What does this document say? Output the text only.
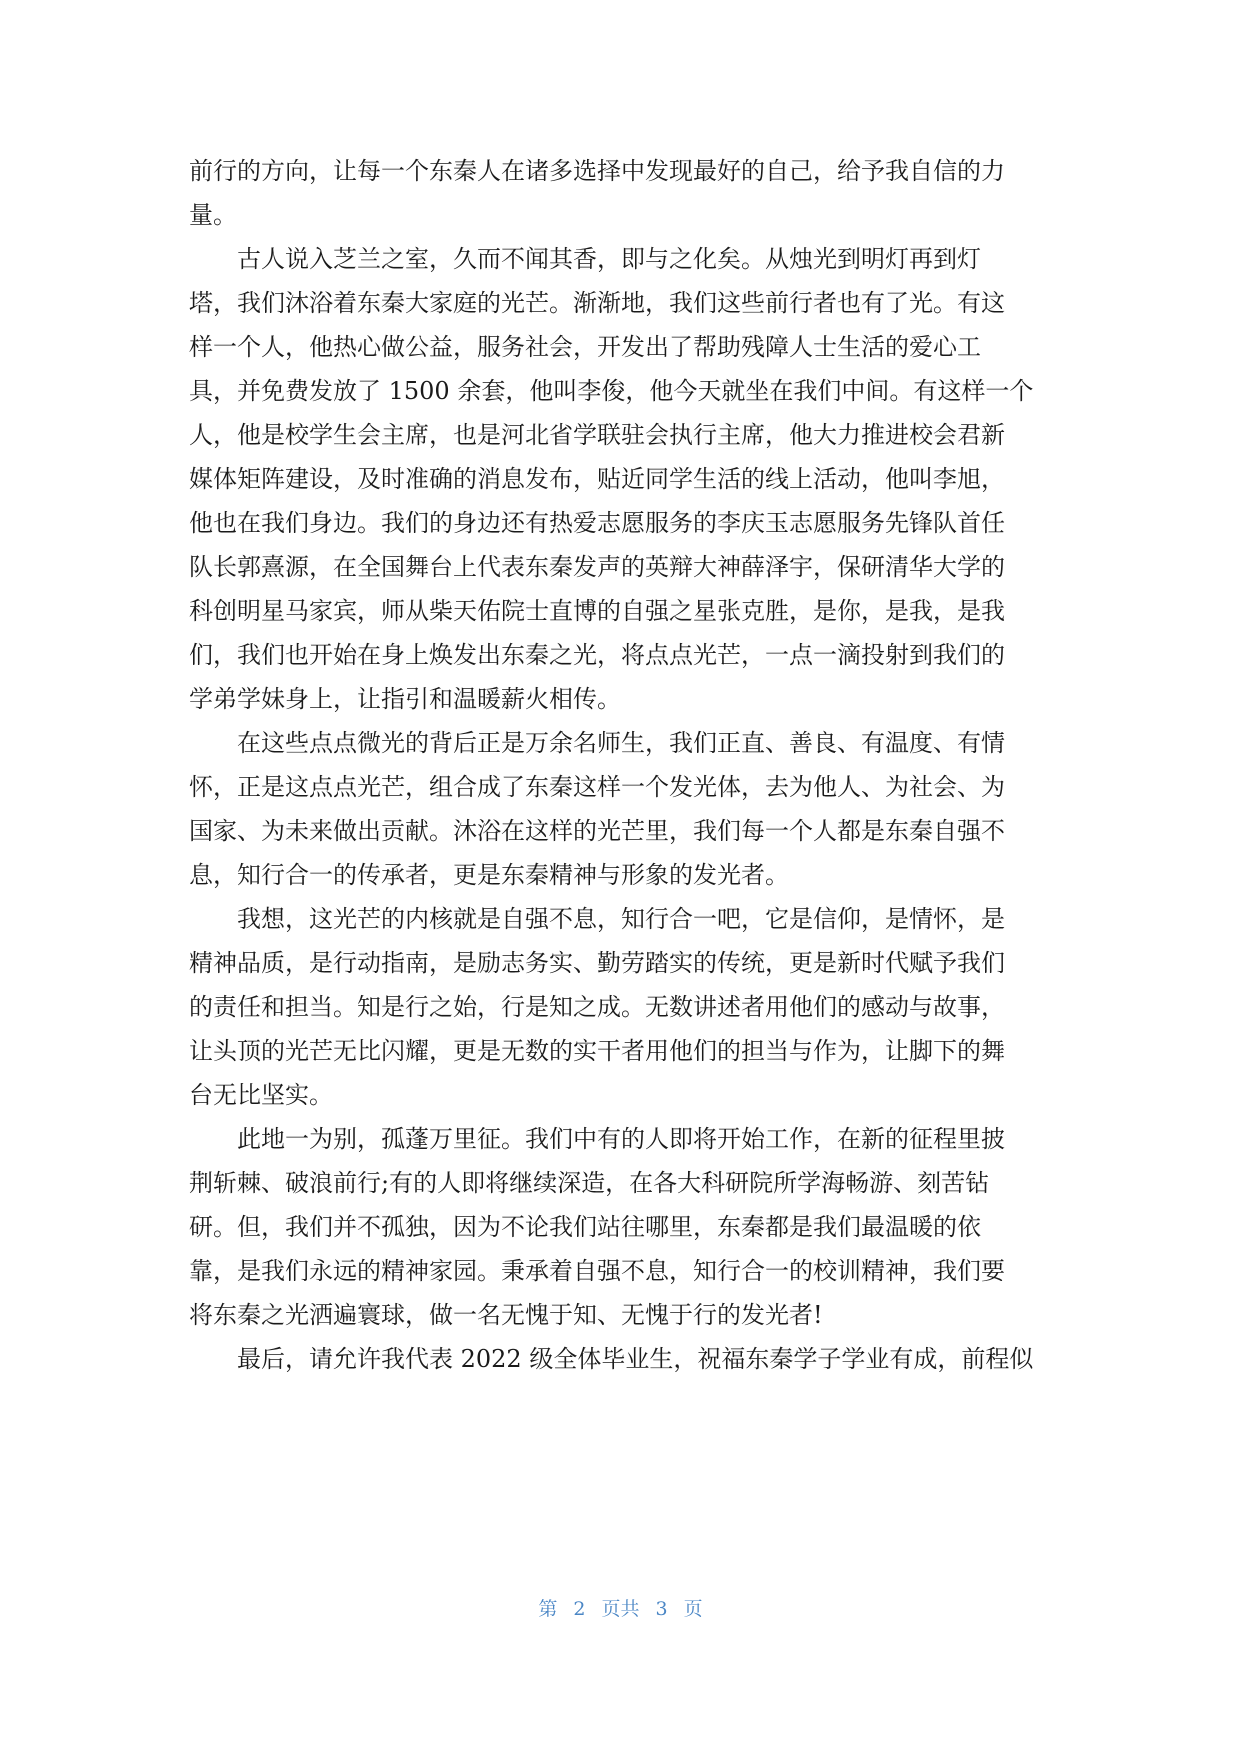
前行的方向，让每一个东秦人在诸多选择中发现最好的自己，给予我自信的力
量。
古人说入芝兰之室，久而不闻其香，即与之化矣。从烛光到明灯再到灯
塔，我们沐浴着东秦大家庭的光芒。渐渐地，我们这些前行者也有了光。有这
样一个人，他热心做公益，服务社会，开发出了帮助残障人士生活的爱心工
具，并免费发放了 1500 余套，他叫李俊，他今天就坐在我们中间。有这样一个
人，他是校学生会主席，也是河北省学联驻会执行主席，他大力推进校会君新
媒体矩阵建设，及时准确的消息发布，贴近同学生活的线上活动，他叫李旭，
他也在我们身边。我们的身边还有热爱志愿服务的李庆玉志愿服务先锋队首任
队长郭熹源，在全国舞台上代表东秦发声的英辩大神薛泽宇，保研清华大学的
科创明星马家宾，师从柴天佑院士直博的自强之星张克胜，是你，是我，是我
们，我们也开始在身上焕发出东秦之光，将点点光芒，一点一滴投射到我们的
学弟学妹身上，让指引和温暖薪火相传。
在这些点点微光的背后正是万余名师生，我们正直、善良、有温度、有情
怀，正是这点点光芒，组合成了东秦这样一个发光体，去为他人、为社会、为
国家、为未来做出贡献。沐浴在这样的光芒里，我们每一个人都是东秦自强不
息，知行合一的传承者，更是东秦精神与形象的发光者。
我想，这光芒的内核就是自强不息，知行合一吧，它是信仰，是情怀，是
精神品质，是行动指南，是励志务实、勤劳踏实的传统，更是新时代赋予我们
的责任和担当。知是行之始，行是知之成。无数讲述者用他们的感动与故事，
让头顶的光芒无比闪耀，更是无数的实干者用他们的担当与作为，让脚下的舞
台无比坚实。
此地一为别，孤蓬万里征。我们中有的人即将开始工作，在新的征程里披
荆斩棘、破浪前行;有的人即将继续深造，在各大科研院所学海畅游、刻苦钻
研。但，我们并不孤独，因为不论我们站往哪里，东秦都是我们最温暖的依
靠，是我们永远的精神家园。秉承着自强不息，知行合一的校训精神，我们要
将东秦之光洒遍寰球，做一名无愧于知、无愧于行的发光者!
最后，请允许我代表 2022 级全体毕业生，祝福东秦学子学业有成，前程似
第 2 页共 3 页
